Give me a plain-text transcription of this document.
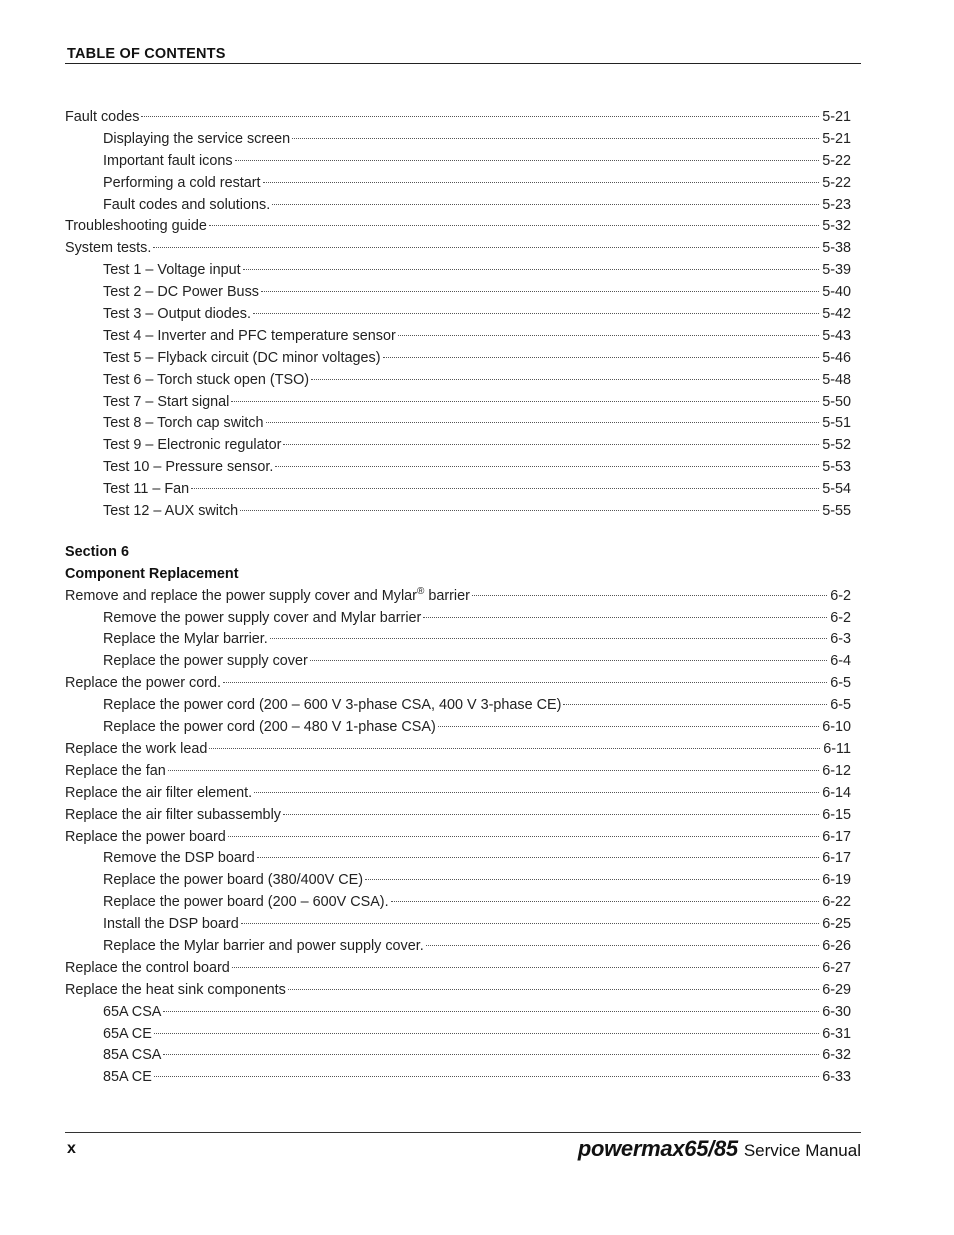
TABLE OF CONTENTS
Fault codes	5-21
Displaying the service screen	5-21
Important fault icons	5-22
Performing a cold restart	5-22
Fault codes and solutions.	5-23
Troubleshooting guide	5-32
System tests.	5-38
Test 1 – Voltage input	5-39
Test 2 – DC Power Buss	5-40
Test 3 – Output diodes.	5-42
Test 4 – Inverter and PFC temperature sensor	5-43
Test 5 – Flyback circuit (DC minor voltages)	5-46
Test 6 – Torch stuck open (TSO)	5-48
Test 7 – Start signal	5-50
Test 8 – Torch cap switch	5-51
Test 9 – Electronic regulator	5-52
Test 10 – Pressure sensor.	5-53
Test 11 – Fan	5-54
Test 12 – AUX switch	5-55
Section 6
Component Replacement
Remove and replace the power supply cover and Mylar® barrier	6-2
Remove the power supply cover and Mylar barrier	6-2
Replace the Mylar barrier.	6-3
Replace the power supply cover	6-4
Replace the power cord.	6-5
Replace the power cord (200 – 600 V 3-phase CSA, 400 V 3-phase CE)	6-5
Replace the power cord (200 – 480 V 1-phase CSA)	6-10
Replace the work lead	6-11
Replace the fan	6-12
Replace the air filter element.	6-14
Replace the air filter subassembly	6-15
Replace the power board	6-17
Remove the DSP board	6-17
Replace the power board (380/400V CE)	6-19
Replace the power board (200 – 600V CSA).	6-22
Install the DSP board	6-25
Replace the Mylar barrier and power supply cover.	6-26
Replace the control board	6-27
Replace the heat sink components	6-29
65A CSA	6-30
65A CE	6-31
85A CSA	6-32
85A CE	6-33
x	powermax65/85 Service Manual
